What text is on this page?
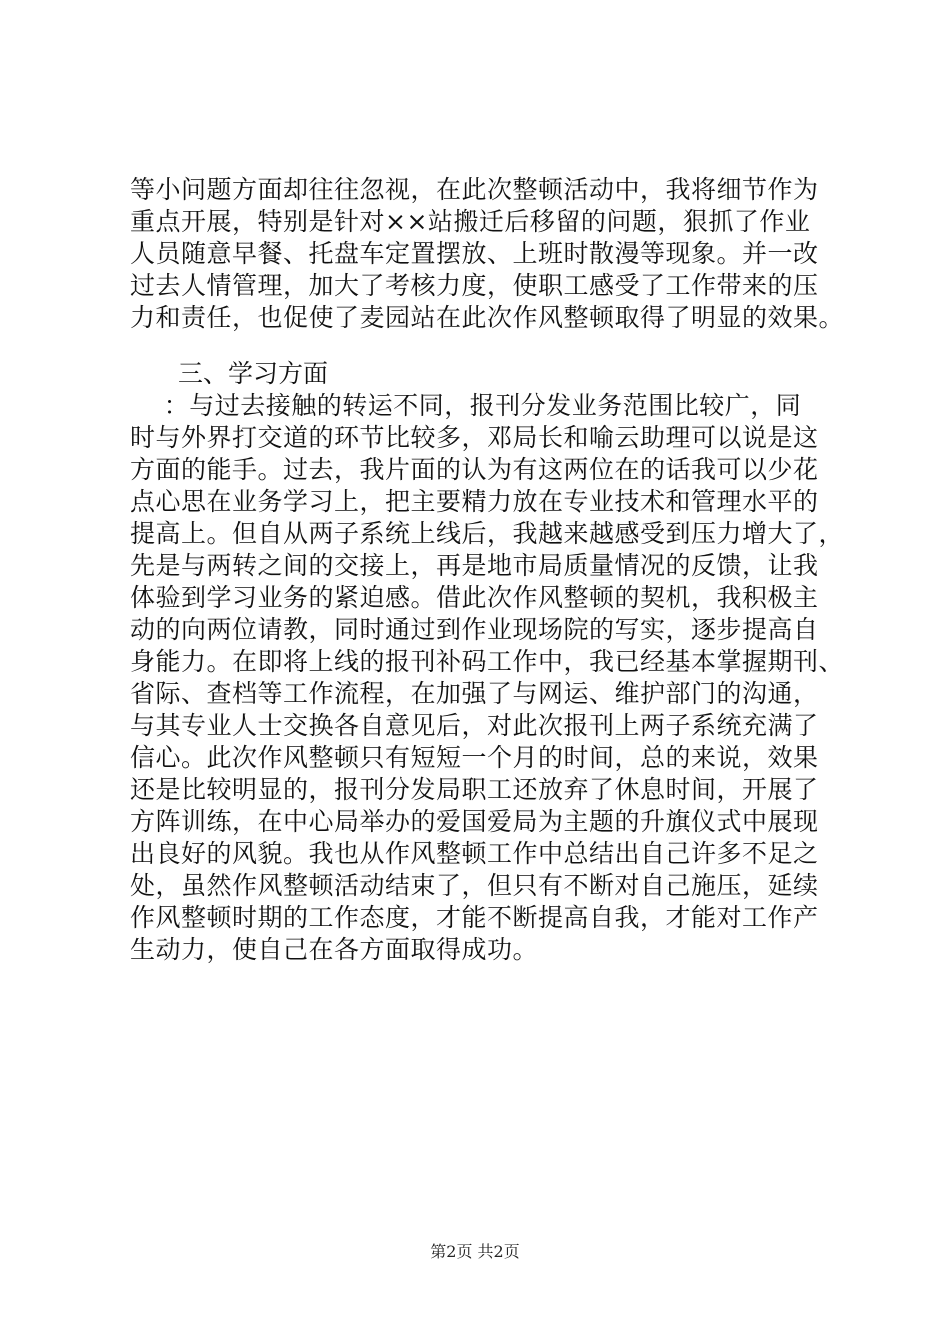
等小问题方面却往往忽视，在此次整顿活动中，我将细节作为
重点开展，特别是针对××站搬迁后移留的问题，狠抓了作业
人员随意早餐、托盘车定置摆放、上班时散漫等现象。并一改
过去人情管理，加大了考核力度，使职工感受了工作带来的压
力和责任，也促使了麦园站在此次作风整顿取得了明显的效果。
三、学习方面
：与过去接触的转运不同，报刊分发业务范围比较广，同
时与外界打交道的环节比较多，邓局长和喻云助理可以说是这
方面的能手。过去，我片面的认为有这两位在的话我可以少花
点心思在业务学习上，把主要精力放在专业技术和管理水平的
提高上。但自从两子系统上线后，我越来越感受到压力增大了，
先是与两转之间的交接上，再是地市局质量情况的反馈，让我
体验到学习业务的紧迫感。借此次作风整顿的契机，我积极主
动的向两位请教，同时通过到作业现场院的写实，逐步提高自
身能力。在即将上线的报刊补码工作中，我已经基本掌握期刊、
省际、查档等工作流程，在加强了与网运、维护部门的沟通，
与其专业人士交换各自意见后，对此次报刊上两子系统充满了
信心。此次作风整顿只有短短一个月的时间，总的来说，效果
还是比较明显的，报刊分发局职工还放弃了休息时间，开展了
方阵训练，在中心局举办的爱国爱局为主题的升旗仪式中展现
出良好的风貌。我也从作风整顿工作中总结出自己许多不足之
处，虽然作风整顿活动结束了，但只有不断对自己施压，延续
作风整顿时期的工作态度，才能不断提高自我，才能对工作产
生动力，使自己在各方面取得成功。
第2页 共2页
